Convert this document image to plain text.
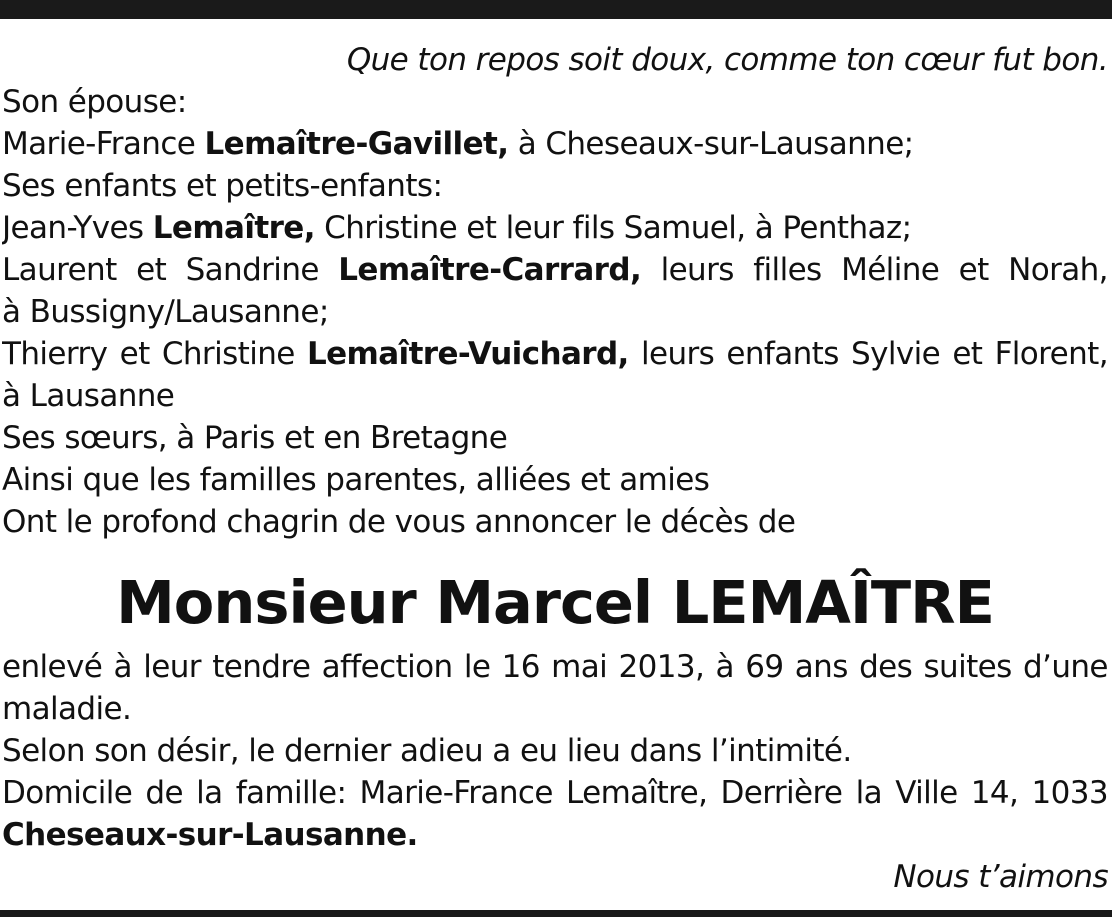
Que ton repos soit doux, comme ton cœur fut bon.
Son épouse:
Marie-France Lemaître-Gavillet, à Cheseaux-sur-Lausanne;
Ses enfants et petits-enfants:
Jean-Yves Lemaître, Christine et leur fils Samuel, à Penthaz;
Laurent et Sandrine Lemaître-Carrard, leurs filles Méline et Norah,
à Bussigny/Lausanne;
Thierry et Christine Lemaître-Vuichard, leurs enfants Sylvie et Florent,
à Lausanne
Ses sœurs, à Paris et en Bretagne
Ainsi que les familles parentes, alliées et amies
Ont le profond chagrin de vous annoncer le décès de
Monsieur Marcel LEMAÎTRE
enlevé à leur tendre affection le 16 mai 2013, à 69 ans des suites d’une
maladie.
Selon son désir, le dernier adieu a eu lieu dans l’intimité.
Domicile de la famille: Marie-France Lemaître, Derrière la Ville 14, 1033
Cheseaux-sur-Lausanne.
Nous t’aimons
